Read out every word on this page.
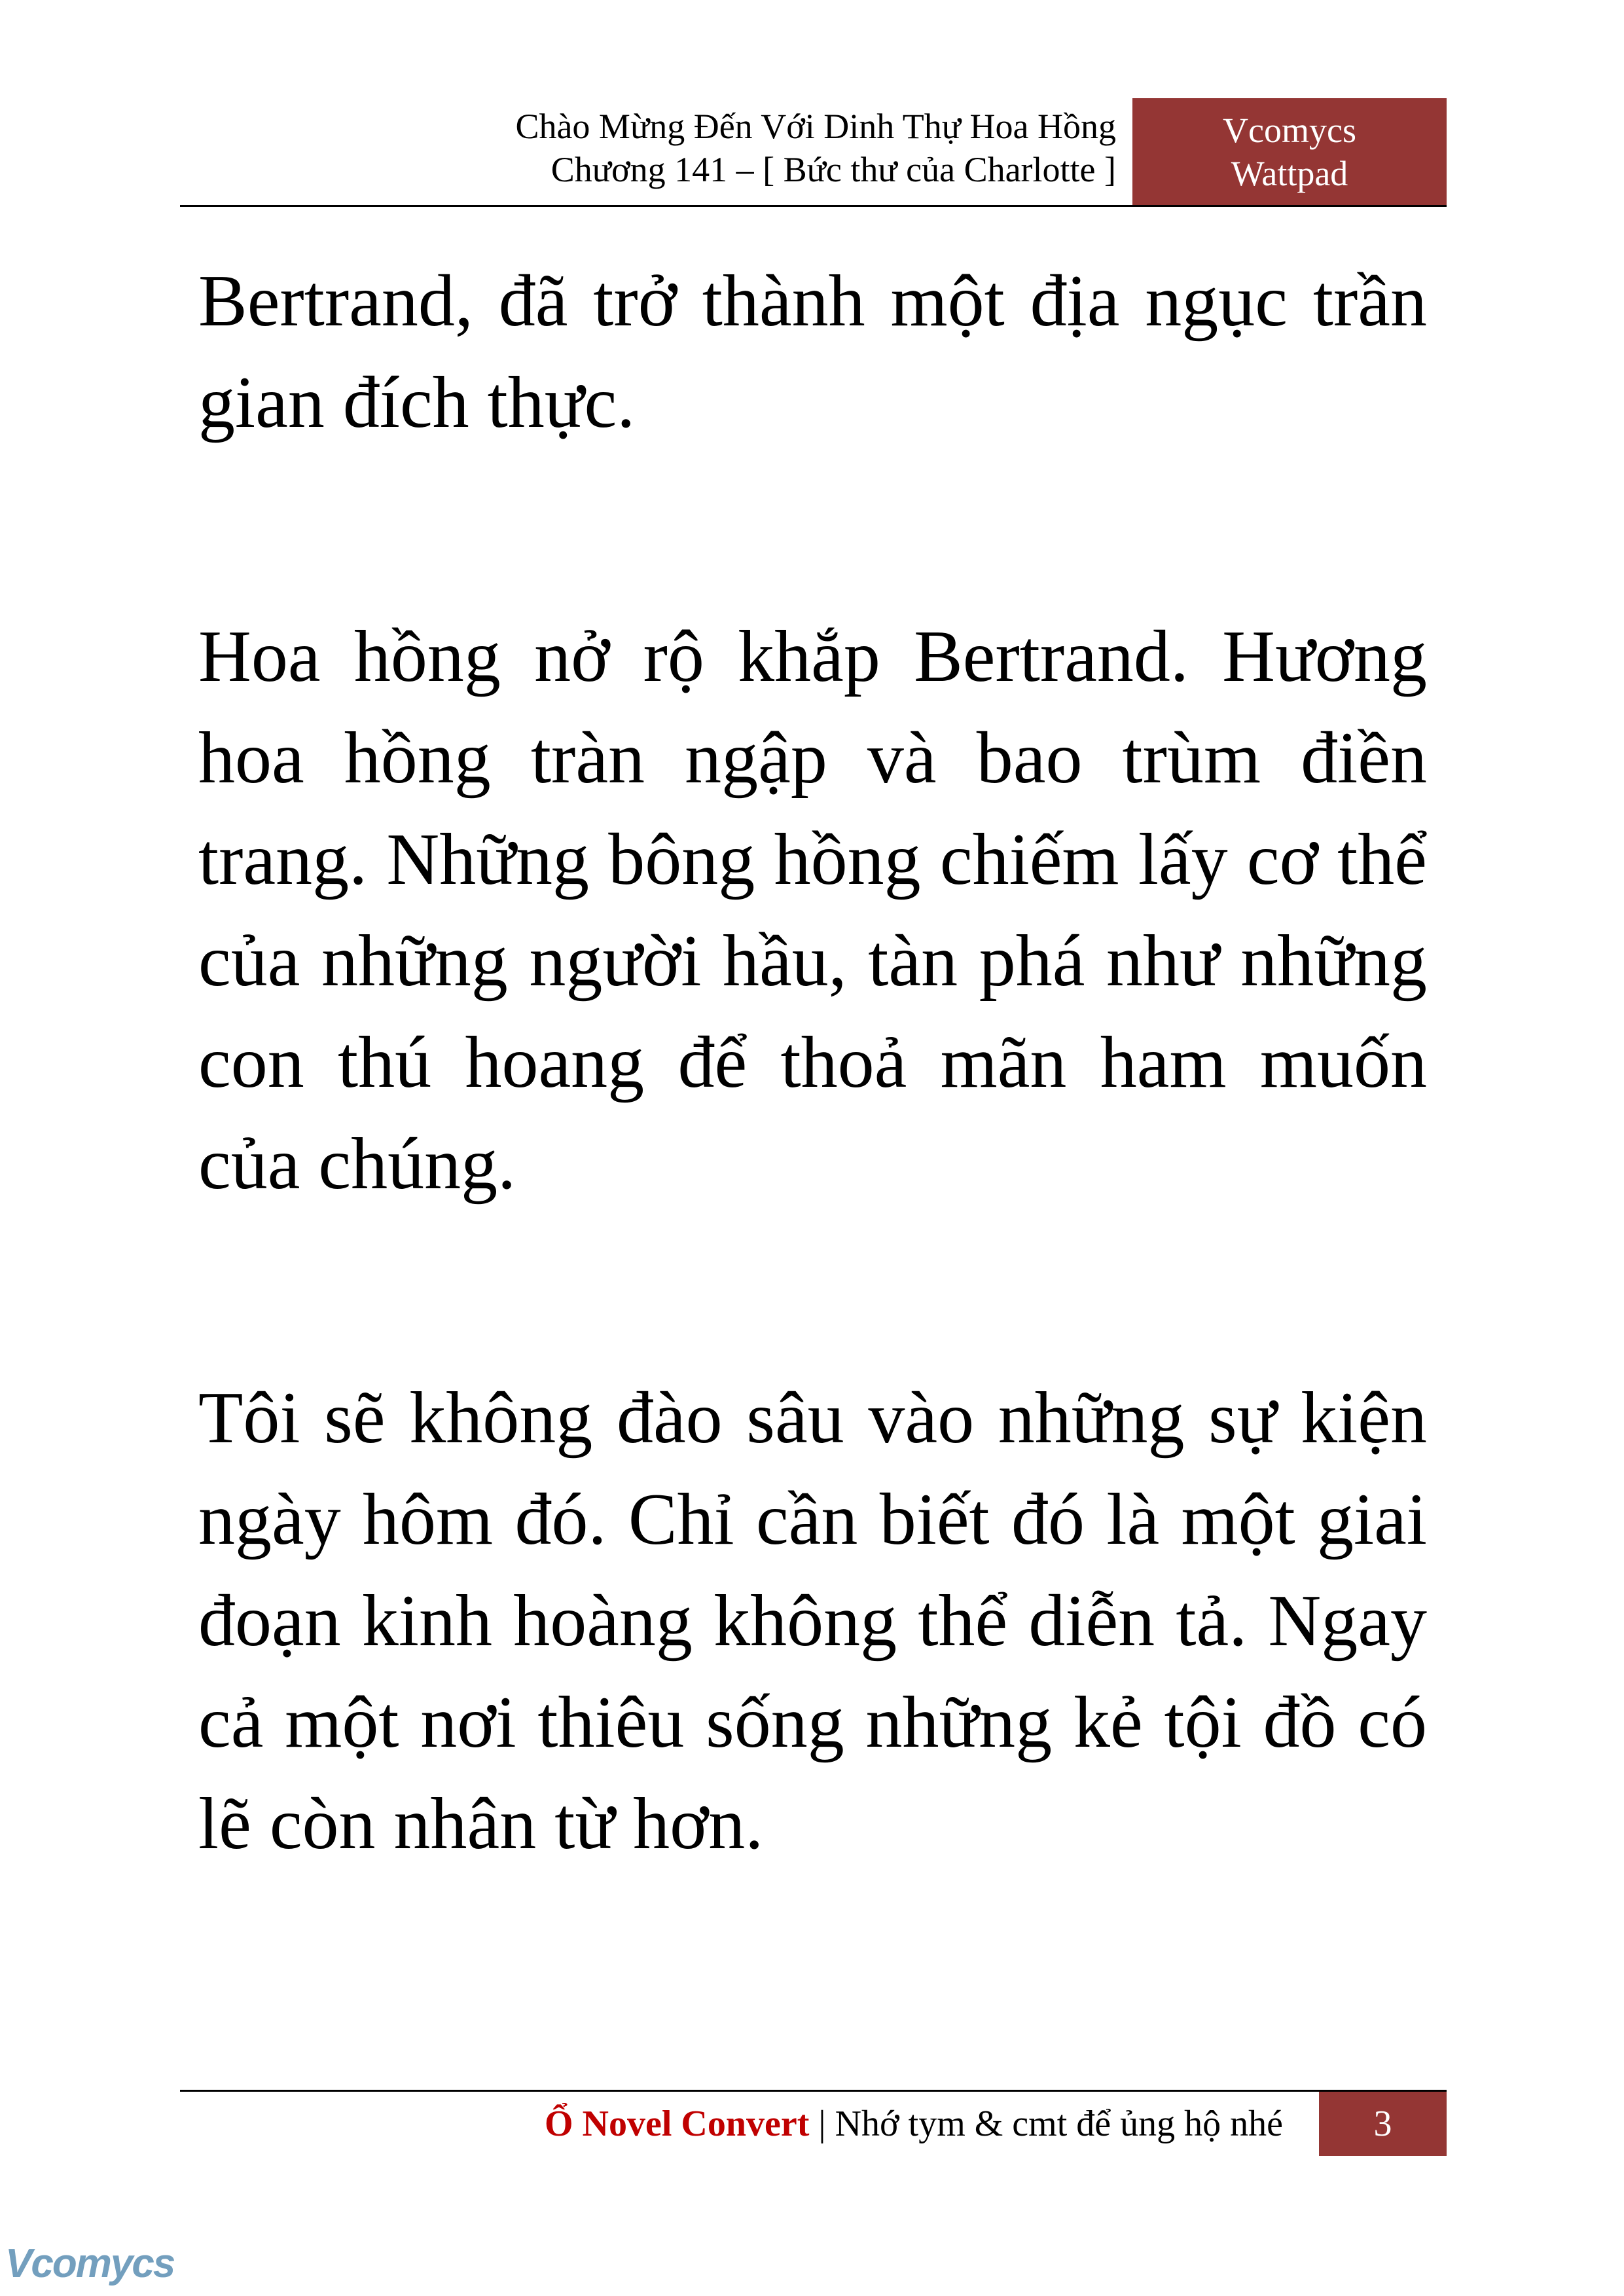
Chào Mừng Đến Với Dinh Thự Hoa Hồng
Chương 141 – [ Bức thư của Charlotte ]
Vcomycs
Wattpad

Bertrand, đã trở thành một địa ngục trần gian đích thực.

Hoa hồng nở rộ khắp Bertrand. Hương hoa hồng tràn ngập và bao trùm điền trang. Những bông hồng chiếm lấy cơ thể của những người hầu, tàn phá như những con thú hoang để thoả mãn ham muốn của chúng.

Tôi sẽ không đào sâu vào những sự kiện ngày hôm đó. Chỉ cần biết đó là một giai đoạn kinh hoàng không thể diễn tả. Ngay cả một nơi thiêu sống những kẻ tội đồ có lẽ còn nhân từ hơn.

Ổ Novel Convert | Nhớ tym & cmt để ủng hộ nhé	3
Vcomycs
